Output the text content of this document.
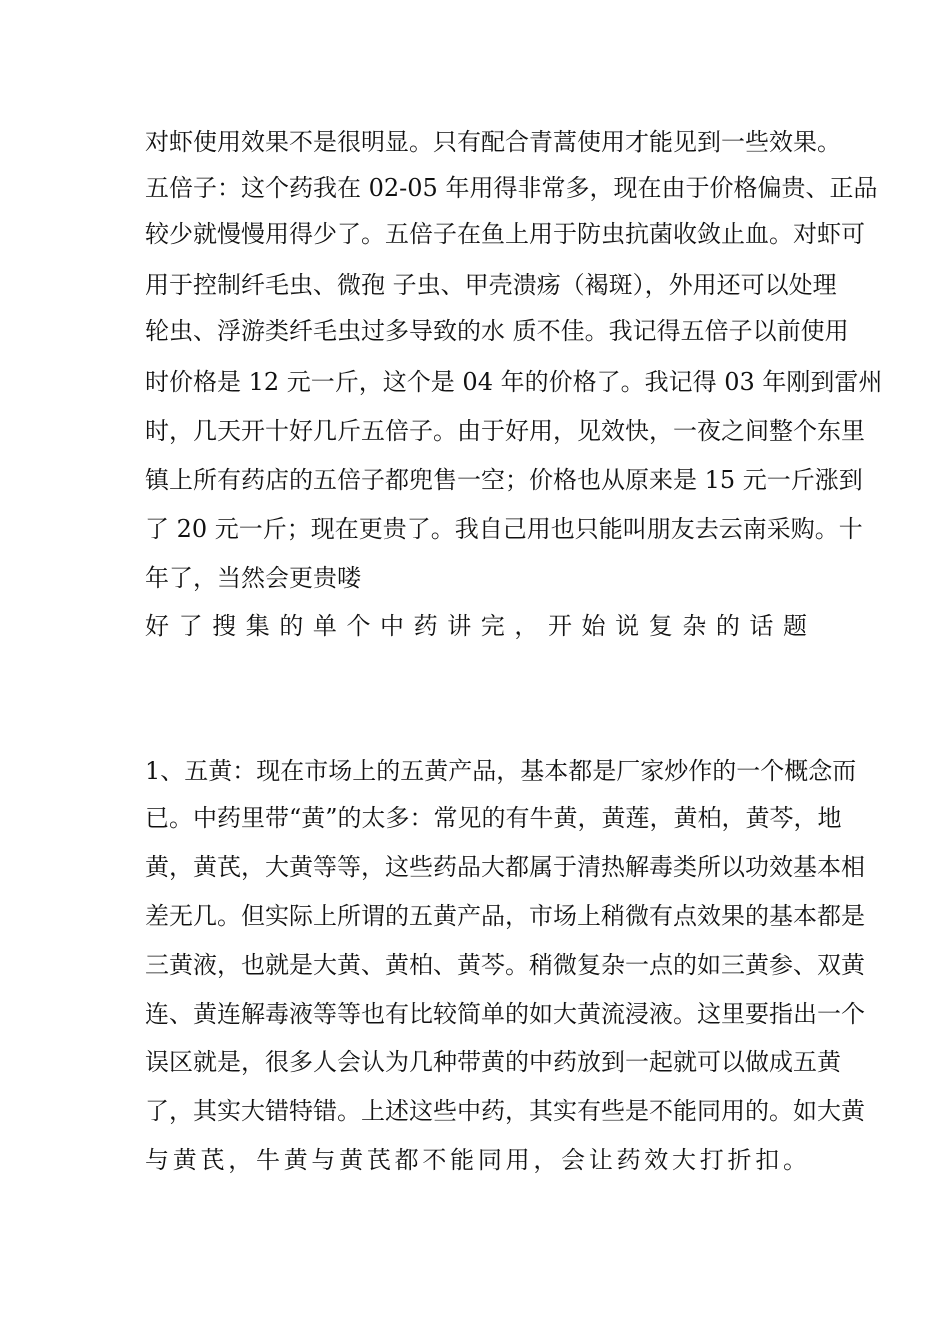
对虾使用效果不是很明显。只有配合青蒿使用才能见到一些效果。
五倍子：这个药我在 02-05 年用得非常多，现在由于价格偏贵、正品
较少就慢慢用得少了。五倍子在鱼上用于防虫抗菌收敛止血。对虾可
用于控制纤毛虫、微孢 子虫、甲壳溃疡（褐斑），外用还可以处理
轮虫、浮游类纤毛虫过多导致的水 质不佳。我记得五倍子以前使用
时价格是 12 元一斤，这个是 04 年的价格了。我记得 03 年刚到雷州
时，几天开十好几斤五倍子。由于好用，见效快，一夜之间整个东里
镇上所有药店的五倍子都兜售一空；价格也从原来是 15 元一斤涨到
了 20 元一斤；现在更贵了。我自己用也只能叫朋友去云南采购。十
年了，当然会更贵喽
好了搜集的单个中药讲完，开始说复杂的话题
1、五黄：现在市场上的五黄产品，基本都是厂家炒作的一个概念而
已。中药里带“黄”的太多：常见的有牛黄，黄莲，黄柏，黄芩，地
黄，黄芪，大黄等等，这些药品大都属于清热解毒类所以功效基本相
差无几。但实际上所谓的五黄产品，市场上稍微有点效果的基本都是
三黄液，也就是大黄、黄柏、黄芩。稍微复杂一点的如三黄参、双黄
连、黄连解毒液等等也有比较简单的如大黄流浸液。这里要指出一个
误区就是，很多人会认为几种带黄的中药放到一起就可以做成五黄
了，其实大错特错。上述这些中药，其实有些是不能同用的。如大黄
与黄芪，牛黄与黄芪都不能同用，会让药效大打折扣。
